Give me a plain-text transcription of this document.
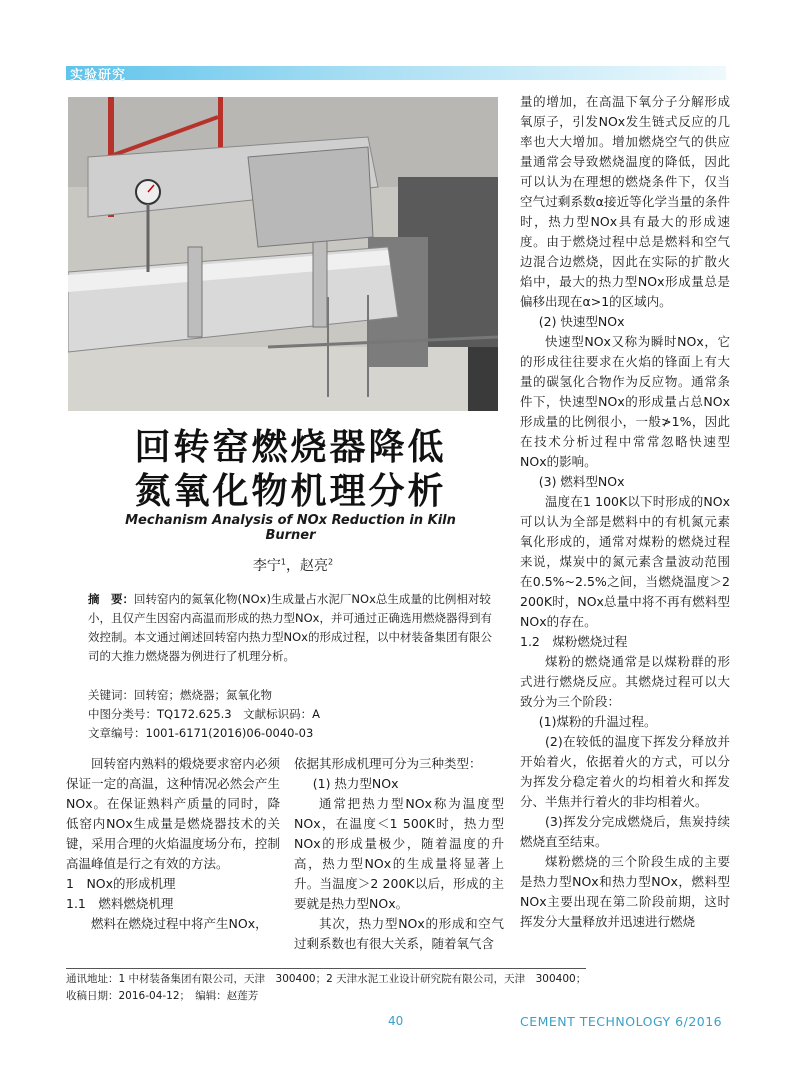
实验研究
回转窑燃烧器降低
氮氧化物机理分析
Mechanism Analysis of NOx Reduction in Kiln Burner
李宁$^1$，赵亮$^2$
摘　要：回转窑内的氮氧化物(NOx)生成量占水泥厂NOx总生成量的比例相对较小，且仅产生因窑内高温而形成的热力型NOx，并可通过正确选用燃烧器得到有效控制。本文通过阐述回转窑内热力型NOx的形成过程，以中材装备集团有限公司的大推力燃烧器为例进行了机理分析。
关键词：回转窑；燃烧器；氮氧化物
中图分类号：TQ172.625.3　文献标识码：A
文章编号：1001-6171(2016)06-0040-03

回转窑内熟料的煅烧要求窑内必须保证一定的高温，这种情况必然会产生NOx。在保证熟料产质量的同时，降低窑内NOx生成量是燃烧器技术的关键，采用合理的火焰温度场分布，控制高温峰值是行之有效的方法。

1　NOx的形成机理

1.1　燃料燃烧机理

燃料在燃烧过程中将产生NOx，

依据其形成机理可分为三种类型：

(1) 热力型NOx

通常把热力型NOx称为温度型NOx，在温度＜1 500K时，热力型NOx的形成量极少，随着温度的升高，热力型NOx的生成量将显著上升。当温度＞2 200K以后，形成的主要就是热力型NOx。

其次，热力型NOx的形成和空气过剩系数也有很大关系，随着氧气含

量的增加，在高温下氧分子分解形成氧原子，引发NOx发生链式反应的几率也大大增加。增加燃烧空气的供应量通常会导致燃烧温度的降低，因此可以认为在理想的燃烧条件下，仅当空气过剩系数α接近等化学当量的条件时，热力型NOx具有最大的形成速度。由于燃烧过程中总是燃料和空气边混合边燃烧，因此在实际的扩散火焰中，最大的热力型NOx形成量总是偏移出现在α>1的区域内。

(2) 快速型NOx

快速型NOx又称为瞬时NOx，它的形成往往要求在火焰的锋面上有大量的碳氢化合物作为反应物。通常条件下，快速型NOx的形成量占总NOx形成量的比例很小，一般≯1%，因此在技术分析过程中常常忽略快速型NOx的影响。

(3) 燃料型NOx

温度在1 100K以下时形成的NOx可以认为全部是燃料中的有机氮元素氧化形成的，通常对煤粉的燃烧过程来说，煤炭中的氮元素含量波动范围在0.5%~2.5%之间，当燃烧温度＞2 200K时，NOx总量中将不再有燃料型NOx的存在。

1.2　煤粉燃烧过程

煤粉的燃烧通常是以煤粉群的形式进行燃烧反应。其燃烧过程可以大致分为三个阶段：

(1)煤粉的升温过程。

(2)在较低的温度下挥发分释放并开始着火，依据着火的方式，可以分为挥发分稳定着火的均相着火和挥发分、半焦并行着火的非均相着火。

(3)挥发分完成燃烧后，焦炭持续燃烧直至结束。

煤粉燃烧的三个阶段生成的主要是热力型NOx和热力型NOx，燃料型NOx主要出现在第二阶段前期，这时挥发分大量释放并迅速进行燃烧

通讯地址：1 中材装备集团有限公司，天津　300400；2 天津水泥工业设计研究院有限公司，天津　300400；
收稿日期：2016-04-12；　编辑：赵莲芳
40	CEMENT TECHNOLOGY 6/2016
